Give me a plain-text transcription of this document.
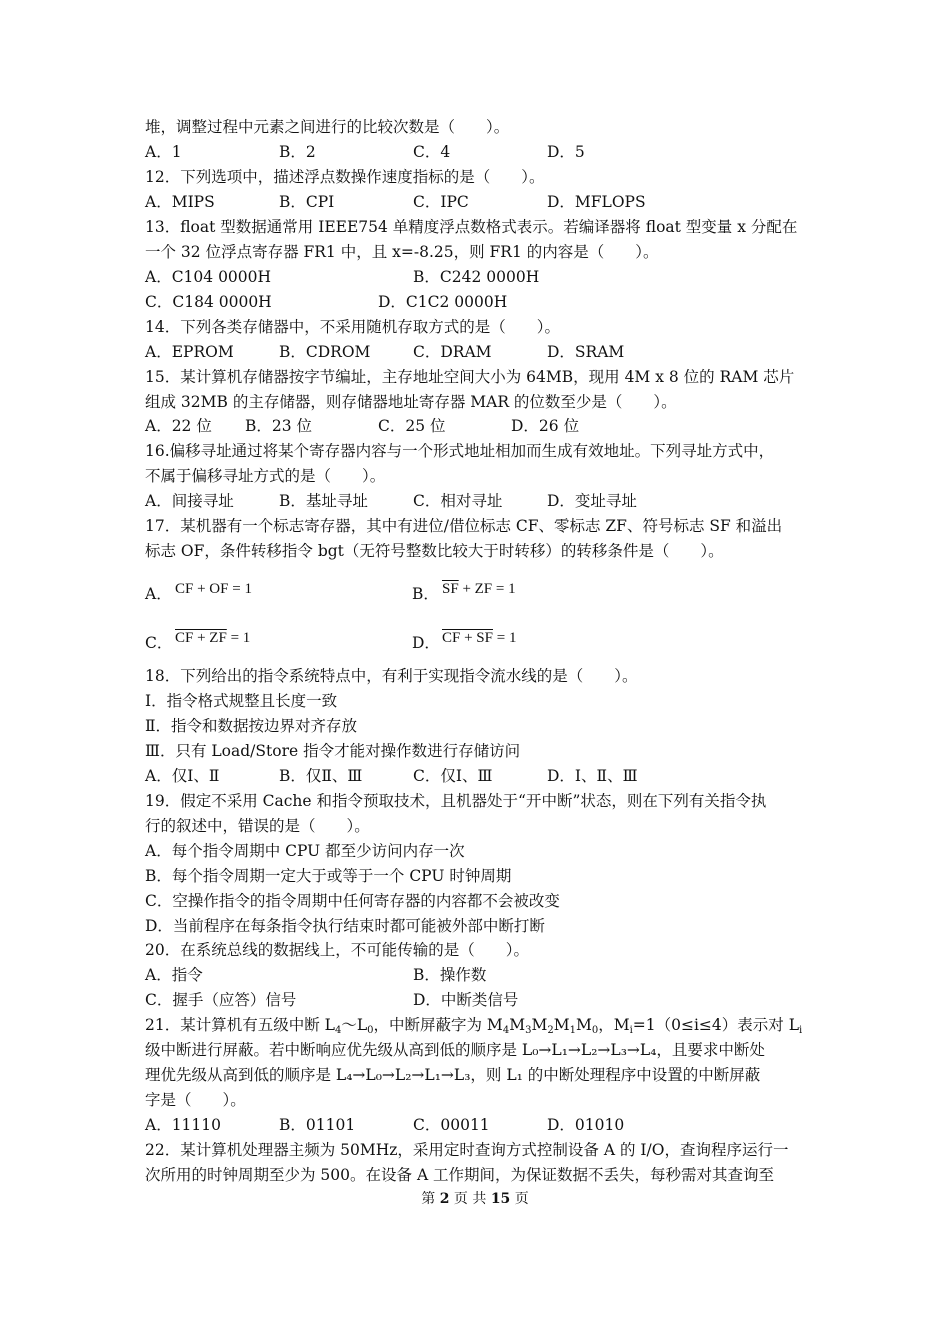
堆，调整过程中元素之间进行的比较次数是（　　）。
A．1	B．2	C．4	D．5
12．下列选项中，描述浮点数操作速度指标的是（　　）。
A．MIPS	B．CPI	C．IPC	D．MFLOPS
13．float 型数据通常用 IEEE754 单精度浮点数格式表示。若编译器将 float 型变量 x 分配在
一个 32 位浮点寄存器 FR1 中，且 x=-8.25，则 FR1 的内容是（　　）。
A．C104 0000H	B．C242 0000H
C．C184 0000H	D．C1C2 0000H
14．下列各类存储器中，不采用随机存取方式的是（　　）。
A．EPROM	B．CDROM	C．DRAM	D．SRAM
15．某计算机存储器按字节编址，主存地址空间大小为 64MB，现用 4M x 8 位的 RAM 芯片
组成 32MB 的主存储器，则存储器地址寄存器 MAR 的位数至少是（　　）。
A．22 位 B．23 位	C．25 位	D．26 位
16.偏移寻址通过将某个寄存器内容与一个形式地址相加而生成有效地址。下列寻址方式中，
不属于偏移寻址方式的是（　　）。
A．间接寻址	B．基址寻址	C．相对寻址	D．变址寻址
17．某机器有一个标志寄存器，其中有进位/借位标志 CF、零标志 ZF、符号标志 SF 和溢出
标志 OF，条件转移指令 bgt（无符号整数比较大于时转移）的转移条件是（　　）。
A． CF + OF = 1	B． $\overline{SF}$ + ZF = 1
C． CF + ZF = 1	D． CF + SF = 1
18．下列给出的指令系统特点中，有利于实现指令流水线的是（　　）。
Ⅰ．指令格式规整且长度一致
Ⅱ．指令和数据按边界对齐存放
Ⅲ．只有 Load/Store 指令才能对操作数进行存储访问
A．仅Ⅰ、Ⅱ	B．仅Ⅱ、Ⅲ	C．仅Ⅰ、Ⅲ	D．Ⅰ、Ⅱ、Ⅲ
19．假定不采用 Cache 和指令预取技术，且机器处于“开中断”状态，则在下列有关指令执
行的叙述中，错误的是（　　）。
A．每个指令周期中 CPU 都至少访问内存一次
B．每个指令周期一定大于或等于一个 CPU 时钟周期
C．空操作指令的指令周期中任何寄存器的内容都不会被改变
D．当前程序在每条指令执行结束时都可能被外部中断打断
20．在系统总线的数据线上，不可能传输的是（　　）。
A．指令	B．操作数
C．握手（应答）信号	D．中断类信号
21．某计算机有五级中断 $L_4\sim L_0$，中断屏蔽字为 $M_4M_3M_2M_1M_0$，$M_i=1(0\le i\le 4)$表示对 $L_i$
级中断进行屏蔽。若中断响应优先级从高到低的顺序是 L₀→L₁→L₂→L₃→L₄，且要求中断处
理优先级从高到低的顺序是 L₄→L₀→L₂→L₁→L₃，则 L₁ 的中断处理程序中设置的中断屏蔽
字是（　　）。
A．11110	B．01101	C．00011	D．01010
22．某计算机处理器主频为 50MHz，采用定时查询方式控制设备 A 的 I/O，查询程序运行一
次所用的时钟周期至少为 500。在设备 A 工作期间，为保证数据不丢失，每秒需对其查询至
第 2 页 共 15 页
